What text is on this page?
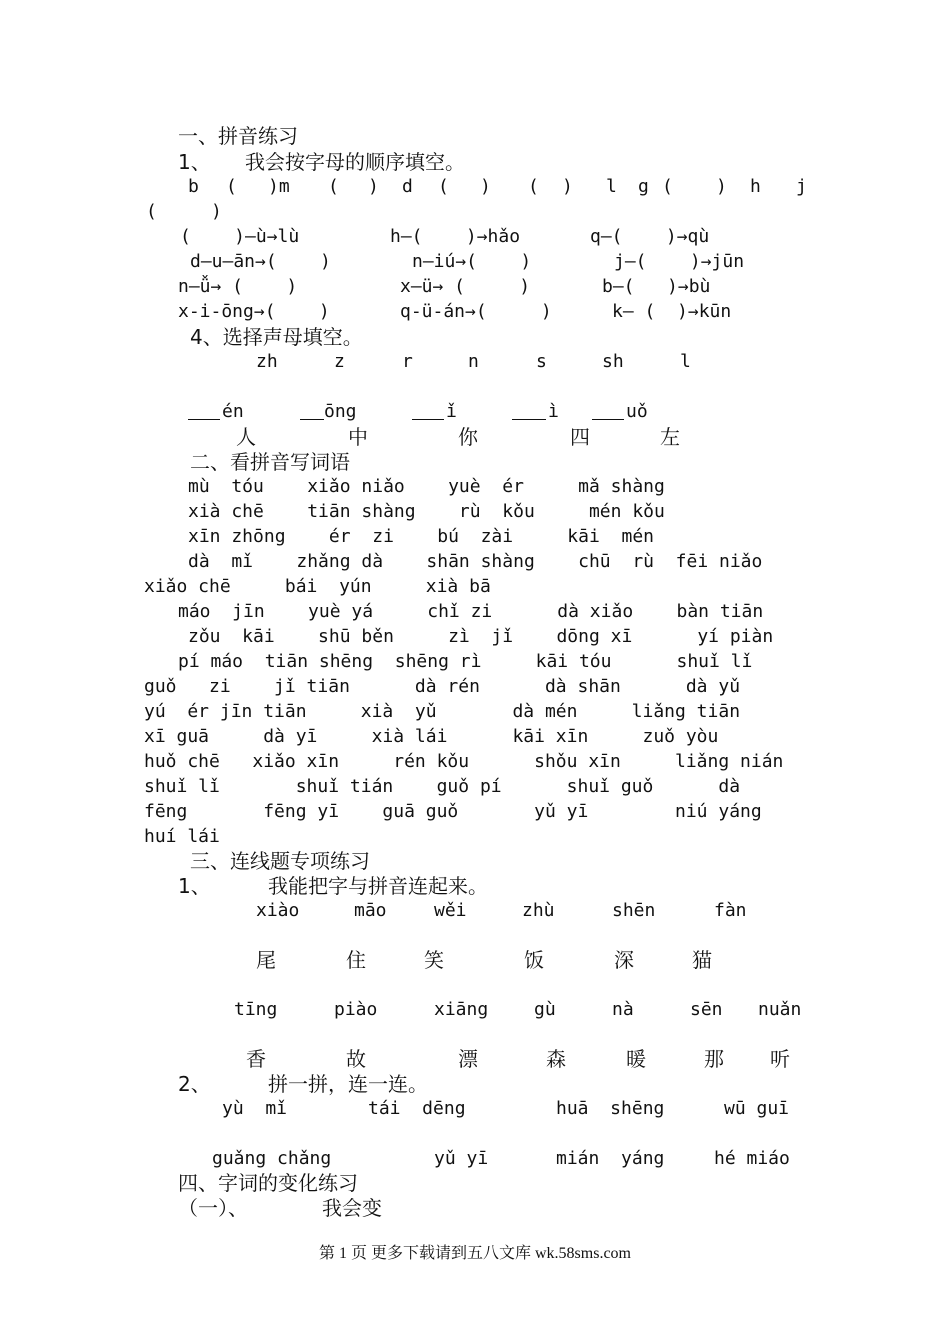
一、拼音练习
1、 我会按字母的顺序填空。
b ( )m ( ) d ( ) ( ) l g ( ) h j
(     )
(    )—ù→lù	h—(    )→hǎo	q—(    )→qù
d—u—ān→(    )	n—iú→(    )	j—(    )→jūn
n—ǚ→ (    )	x—ü→ (     )	b—(   )→bù
x-i-ōng→(    )	q-ü-án→(     )	k— (  )→kūn
4、选择声母填空。
zh	z	r	n	s	sh	l
én	ōng	ǐ	ì	uǒ
人	中	你	四	左
二、看拼音写词语
mù  tóu    xiǎo niǎo    yuè  ér     mǎ shàng
xià chē    tiān shàng    rù  kǒu     mén kǒu
xīn zhōng    ér  zi    bú  zài     kāi  mén
dà  mǐ    zhǎng dà    shān shàng    chū  rù  fēi niǎo
xiǎo chē     bái  yún     xià bā
máo  jīn    yuè yá     chǐ zi      dà xiǎo    bàn tiān
zǒu  kāi    shū běn     zì  jǐ    dōng xī      yí piàn
pí máo  tiān shēng  shēng rì     kāi tóu      shuǐ lǐ
guǒ   zi    jǐ tiān      dà rén      dà shān      dà yǔ
yú  ér jīn tiān     xià  yǔ       dà mén     liǎng tiān
xī guā     dà yī     xià lái      kāi xīn     zuǒ yòu
huǒ chē   xiǎo xīn     rén kǒu      shǒu xīn     liǎng nián
shuǐ lǐ       shuǐ tián    guǒ pí      shuǐ guǒ      dà
fēng       fēng yī    guā guǒ       yǔ yī        niú yáng
huí lái
三、连线题专项练习
1、	我能把字与拼音连起来。
xiào	māo	wěi	zhù	shēn	fàn
尾	住	笑	饭	深	猫
tīng	piào	xiāng	gù	nà	sēn nuǎn
香	故	漂	森	暖	那 听
2、	拼一拼，连一连。
yù  mǐ	tái  dēng	huā  shēng	wū guī
guǎng chǎng	yǔ yī	mián  yáng	hé miáo
四、字词的变化练习
（一）、	我会变
第 1 页 更多下载请到五八文库 wk.58sms.com
